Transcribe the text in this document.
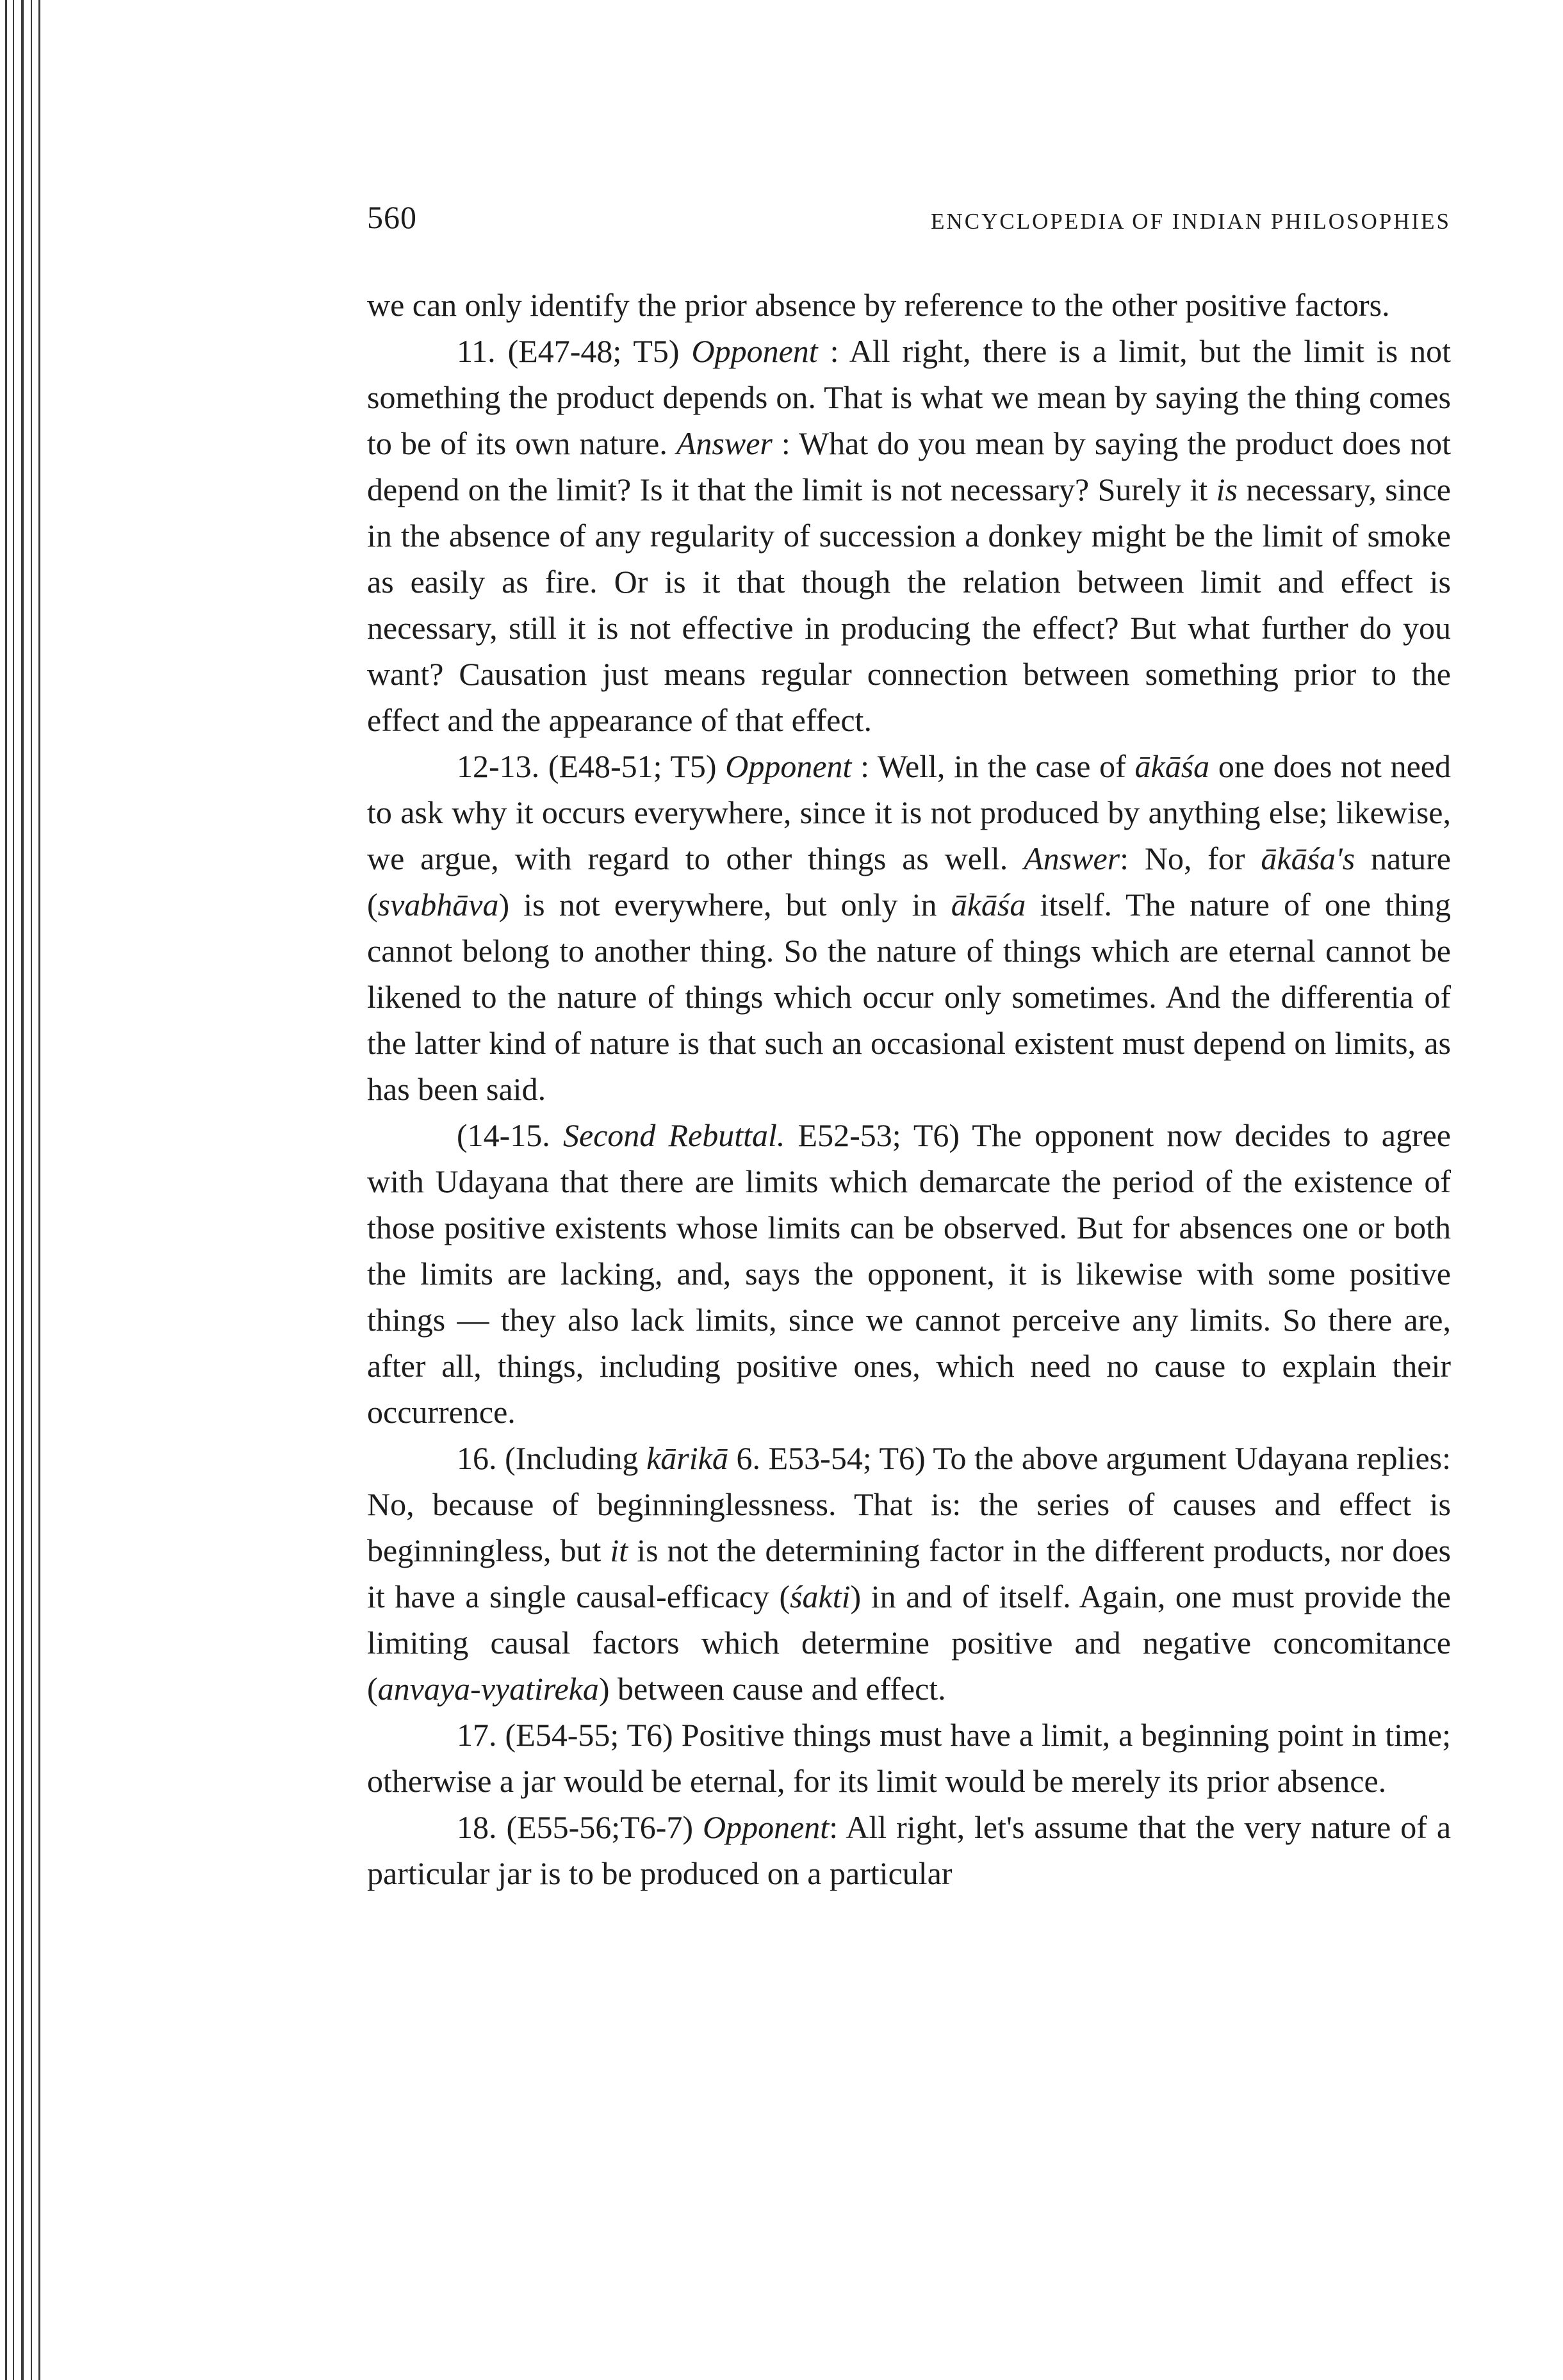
560	ENCYCLOPEDIA OF INDIAN PHILOSOPHIES

we can only identify the prior absence by reference to the other positive factors.

11. (E47-48; T5) Opponent : All right, there is a limit, but the limit is not something the product depends on. That is what we mean by saying the thing comes to be of its own nature. Answer : What do you mean by saying the product does not depend on the limit? Is it that the limit is not necessary? Surely it is necessary, since in the absence of any regularity of succession a donkey might be the limit of smoke as easily as fire. Or is it that though the relation between limit and effect is necessary, still it is not effective in producing the effect? But what further do you want? Causation just means regular connection between something prior to the effect and the appearance of that effect.

12-13. (E48-51; T5) Opponent : Well, in the case of ākāśa one does not need to ask why it occurs everywhere, since it is not produced by anything else; likewise, we argue, with regard to other things as well. Answer: No, for ākāśa's nature (svabhāva) is not everywhere, but only in ākāśa itself. The nature of one thing cannot belong to another thing. So the nature of things which are eternal cannot be likened to the nature of things which occur only sometimes. And the differentia of the latter kind of nature is that such an occasional existent must depend on limits, as has been said.

(14-15. Second Rebuttal. E52-53; T6) The opponent now decides to agree with Udayana that there are limits which demarcate the period of the existence of those positive existents whose limits can be observed. But for absences one or both the limits are lacking, and, says the opponent, it is likewise with some positive things — they also lack limits, since we cannot perceive any limits. So there are, after all, things, including positive ones, which need no cause to explain their occurrence.

16. (Including kārikā 6. E53-54; T6) To the above argument Udayana replies: No, because of beginninglessness. That is: the series of causes and effect is beginningless, but it is not the determining factor in the different products, nor does it have a single causal-efficacy (śakti) in and of itself. Again, one must provide the limiting causal factors which determine positive and negative concomitance (anvaya-vyatireka) between cause and effect.

17. (E54-55; T6) Positive things must have a limit, a beginning point in time; otherwise a jar would be eternal, for its limit would be merely its prior absence.

18. (E55-56;T6-7) Opponent: All right, let's assume that the very nature of a particular jar is to be produced on a particular
